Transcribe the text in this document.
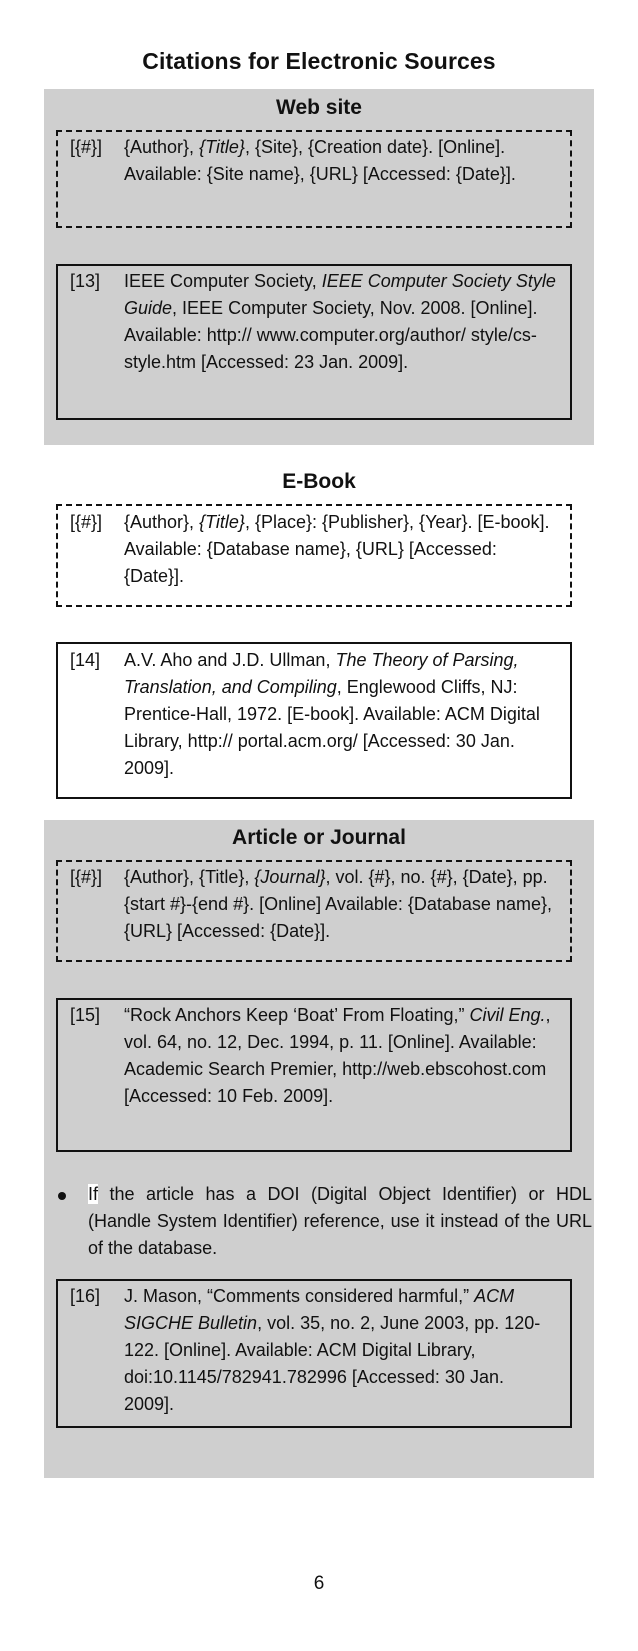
Citations for Electronic Sources
Web site
[{#}] {Author}, {Title}, {Site}, {Creation date}. [Online]. Available: {Site name}, {URL} [Accessed: {Date}].
[13] IEEE Computer Society, IEEE Computer Society Style Guide, IEEE Computer Society, Nov. 2008. [Online]. Available: http:// www.computer.org/author/ style/cs-style.htm [Accessed: 23 Jan. 2009].
E-Book
[{#}] {Author}, {Title}, {Place}: {Publisher}, {Year}. [E-book]. Available: {Database name}, {URL} [Accessed: {Date}].
[14] A.V. Aho and J.D. Ullman, The Theory of Parsing, Translation, and Compiling, Englewood Cliffs, NJ: Prentice-Hall, 1972. [E-book]. Available: ACM Digital Library, http:// portal.acm.org/ [Accessed: 30 Jan. 2009].
Article or Journal
[{#}] {Author}, {Title}, {Journal}, vol. {#}, no. {#}, {Date}, pp. {start #}-{end #}. [Online] Available: {Database name}, {URL} [Accessed: {Date}].
[15] “Rock Anchors Keep ‘Boat’ From Floating,” Civil Eng., vol. 64, no. 12, Dec. 1994, p. 11. [Online]. Available: Academic Search Premier, http://web.ebscohost.com [Accessed: 10 Feb. 2009].
If the article has a DOI (Digital Object Identifier) or HDL (Handle System Identifier) reference, use it instead of the URL of the database.
[16] J. Mason, “Comments considered harmful,” ACM SIGCHE Bulletin, vol. 35, no. 2, June 2003, pp. 120-122. [Online]. Available: ACM Digital Library, doi:10.1145/782941.782996 [Accessed: 30 Jan. 2009].
6
